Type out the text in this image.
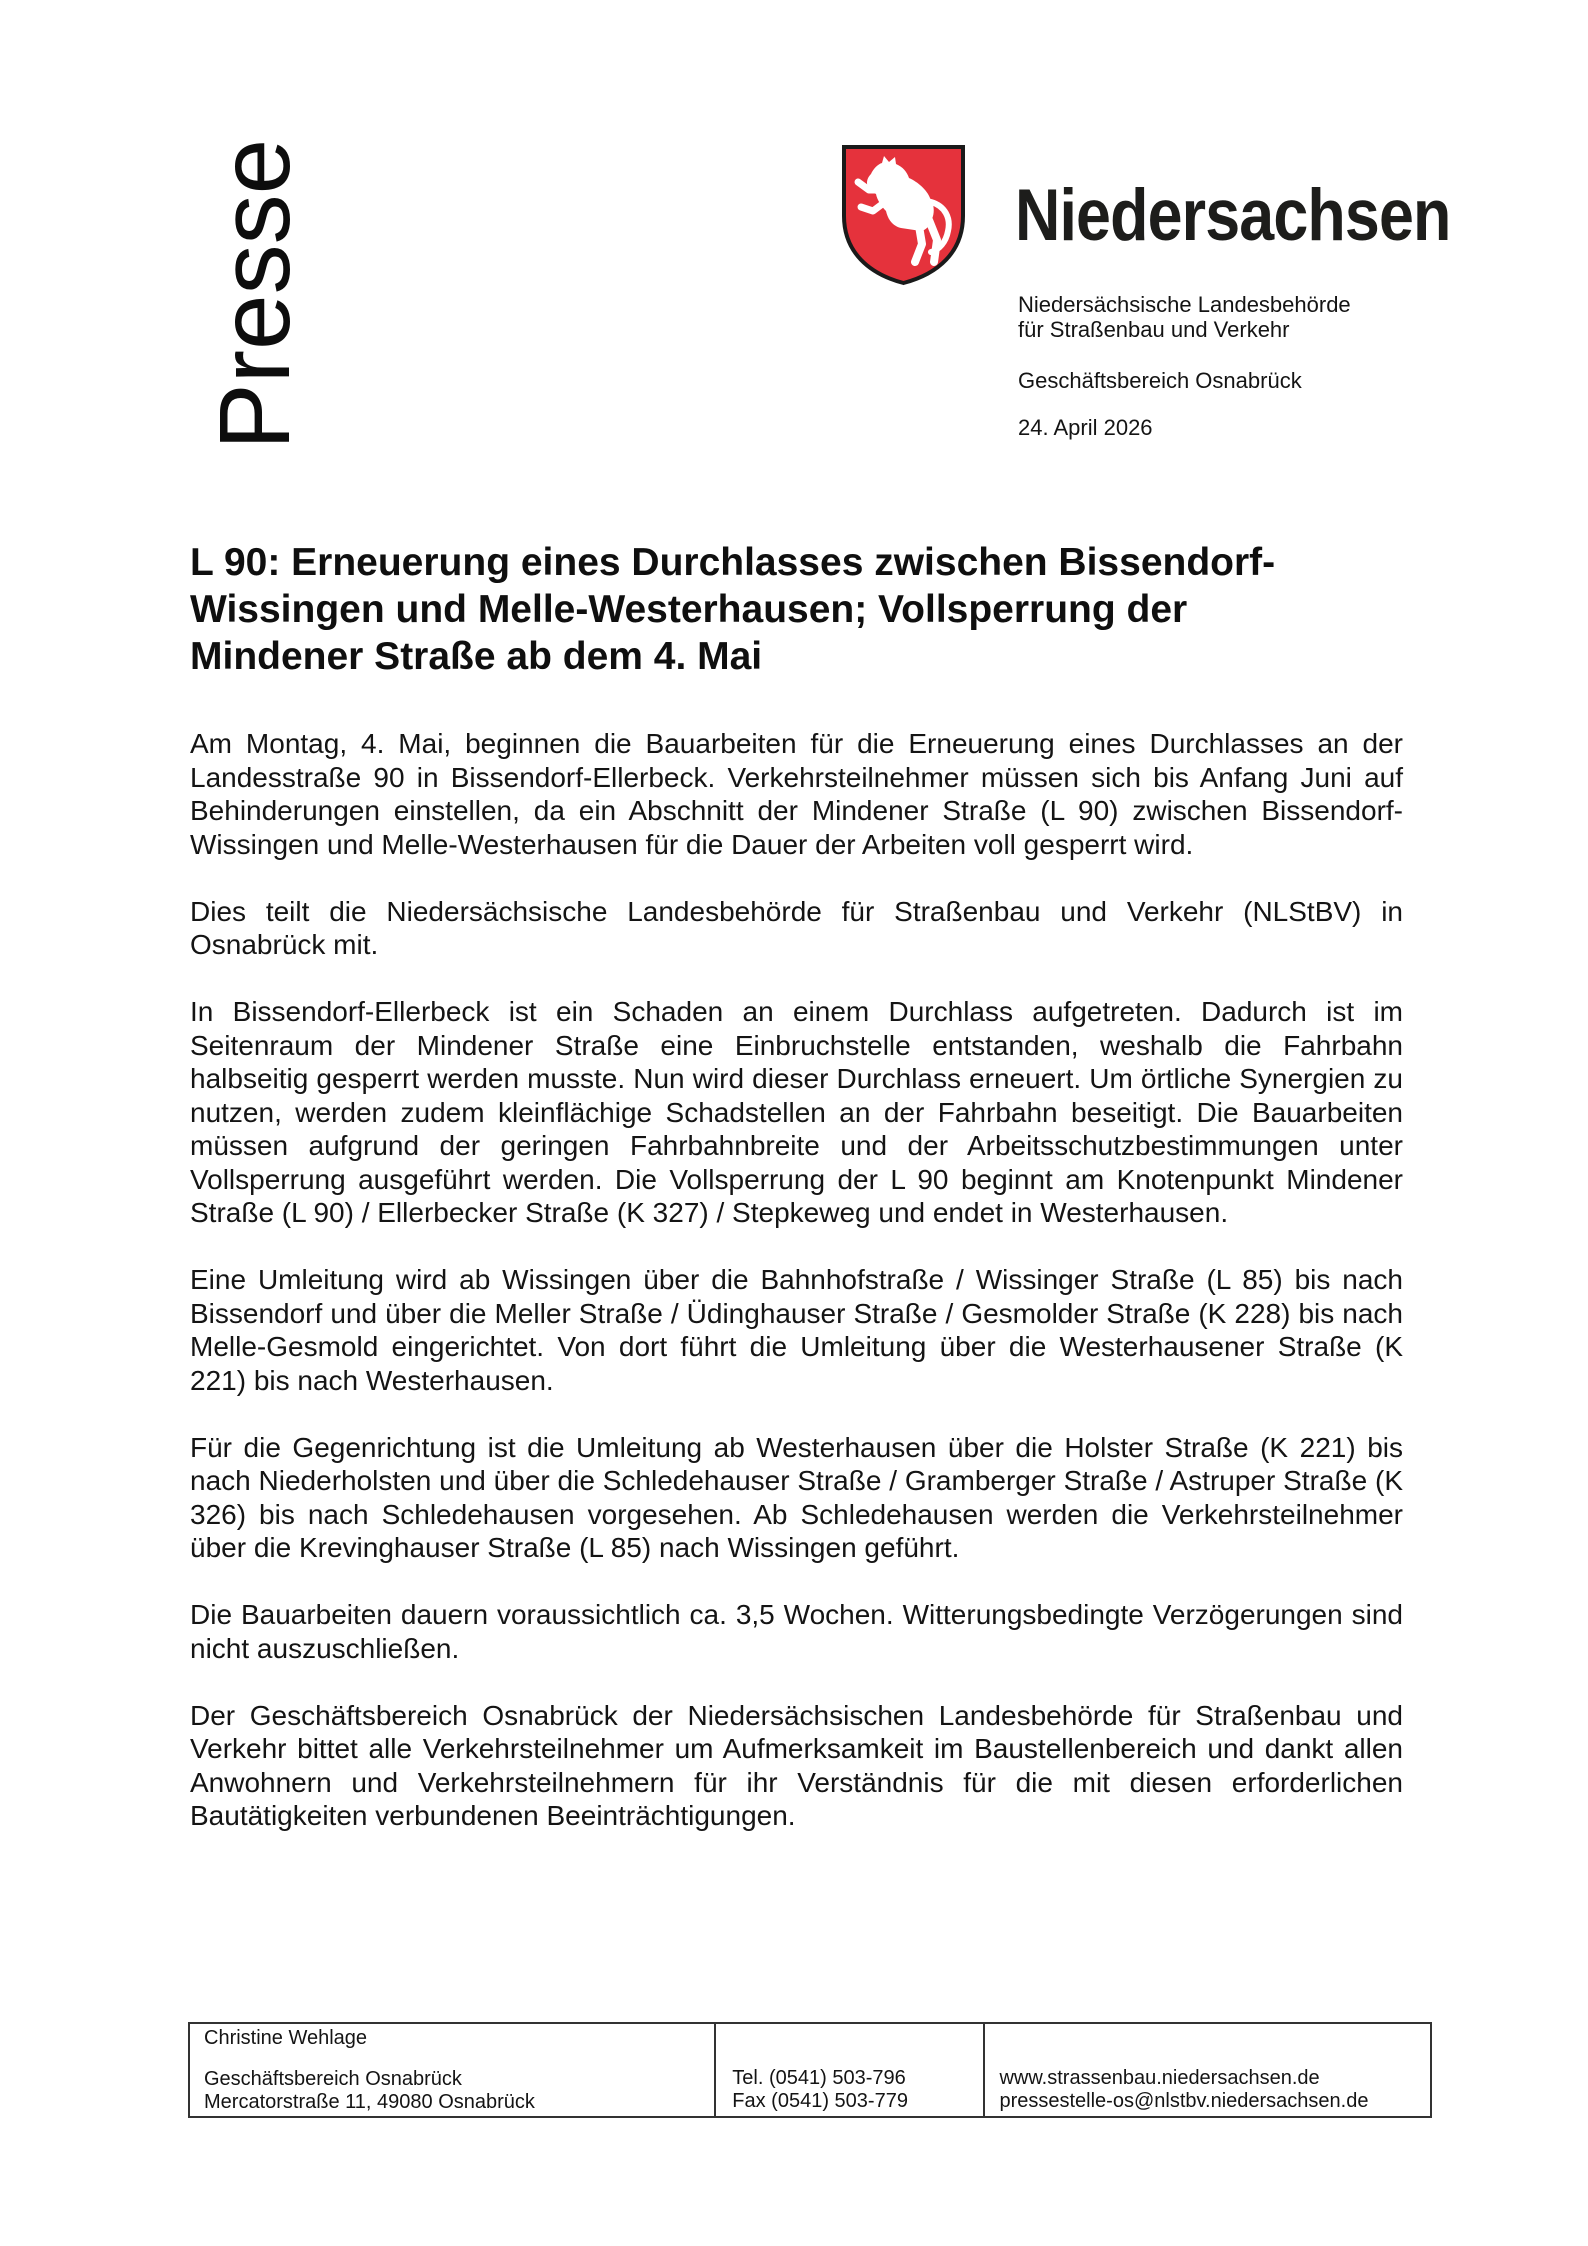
Presse	Niedersachsen

Niedersächsische Landesbehörde
für Straßenbau und Verkehr

Geschäftsbereich Osnabrück

24. April 2026

L 90: Erneuerung eines Durchlasses zwischen Bissendorf-
Wissingen und Melle-Westerhausen; Vollsperrung der
Mindener Straße ab dem 4. Mai

Am Montag, 4. Mai, beginnen die Bauarbeiten für die Erneuerung eines Durchlasses an der Landesstraße 90 in Bissendorf-Ellerbeck. Verkehrsteilnehmer müssen sich bis Anfang Juni auf Behinderungen einstellen, da ein Abschnitt der Mindener Straße (L 90) zwischen Bissendorf-Wissingen und Melle-Westerhausen für die Dauer der Arbeiten voll gesperrt wird.

Dies teilt die Niedersächsische Landesbehörde für Straßenbau und Verkehr (NLStBV) in Osnabrück mit.

In Bissendorf-Ellerbeck ist ein Schaden an einem Durchlass aufgetreten. Dadurch ist im Seitenraum der Mindener Straße eine Einbruchstelle entstanden, weshalb die Fahrbahn halbseitig gesperrt werden musste. Nun wird dieser Durchlass erneuert. Um örtliche Synergien zu nutzen, werden zudem kleinflächige Schadstellen an der Fahrbahn beseitigt. Die Bauarbeiten müssen aufgrund der geringen Fahrbahnbreite und der Arbeitsschutzbestimmungen unter Vollsperrung ausgeführt werden. Die Vollsperrung der L 90 beginnt am Knotenpunkt Mindener Straße (L 90) / Ellerbecker Straße (K 327) / Stepkeweg und endet in Westerhausen.

Eine Umleitung wird ab Wissingen über die Bahnhofstraße / Wissinger Straße (L 85) bis nach Bissendorf und über die Meller Straße / Üdinghauser Straße / Gesmolder Straße (K 228) bis nach Melle-Gesmold eingerichtet. Von dort führt die Umleitung über die Westerhausener Straße (K 221) bis nach Westerhausen.

Für die Gegenrichtung ist die Umleitung ab Westerhausen über die Holster Straße (K 221) bis nach Niederholsten und über die Schledehauser Straße / Gramberger Straße / Astruper Straße (K 326) bis nach Schledehausen vorgesehen. Ab Schledehausen werden die Verkehrsteilnehmer über die Krevinghauser Straße (L 85) nach Wissingen geführt.

Die Bauarbeiten dauern voraussichtlich ca. 3,5 Wochen. Witterungsbedingte Verzögerungen sind nicht auszuschließen.

Der Geschäftsbereich Osnabrück der Niedersächsischen Landesbehörde für Straßenbau und Verkehr bittet alle Verkehrsteilnehmer um Aufmerksamkeit im Baustellenbereich und dankt allen Anwohnern und Verkehrsteilnehmern für ihr Verständnis für die mit diesen erforderlichen Bautätigkeiten verbundenen Beeinträchtigungen.

Christine Wehlage
Geschäftsbereich Osnabrück
Mercatorstraße 11, 49080 Osnabrück
Tel. (0541) 503-796
Fax (0541) 503-779
www.strassenbau.niedersachsen.de
pressestelle-os@nlstbv.niedersachsen.de
